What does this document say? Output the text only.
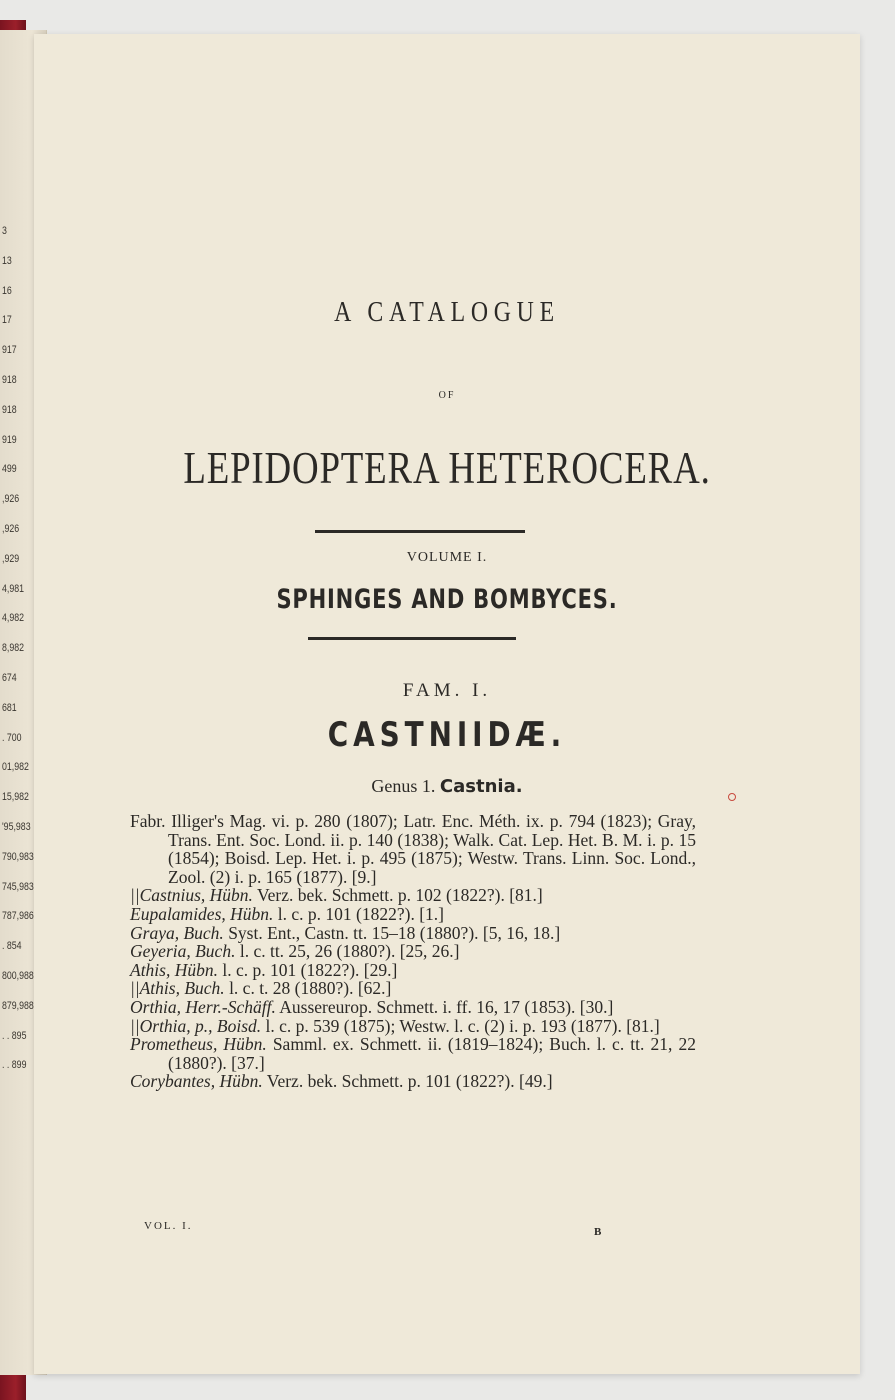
3
13
16
17
917
918
918
919
499
,926
,926
,929
4,981
4,982
8,982
674
681
. 700
01,982
15,982
'95,983
790,983
745,983
787,986
. 854
800,988
879,988
. . 895
. . 899
A CATALOGUE
OF
LEPIDOPTERA HETEROCERA.
VOLUME I.
SPHINGES AND BOMBYCES.
FAM. I.
CASTNIIDÆ.
Genus 1. Castnia.
Fabr. Illiger's Mag. vi. p. 280 (1807); Latr. Enc. Méth. ix. p. 794 (1823); Gray, Trans. Ent. Soc. Lond. ii. p. 140 (1838); Walk. Cat. Lep. Het. B. M. i. p. 15 (1854); Boisd. Lep. Het. i. p. 495 (1875); Westw. Trans. Linn. Soc. Lond., Zool. (2) i. p. 165 (1877). [9.]
||Castnius, Hübn. Verz. bek. Schmett. p. 102 (1822?). [81.]
Eupalamides, Hübn. l. c. p. 101 (1822?). [1.]
Graya, Buch. Syst. Ent., Castn. tt. 15–18 (1880?). [5, 16, 18.]
Geyeria, Buch. l. c. tt. 25, 26 (1880?). [25, 26.]
Athis, Hübn. l. c. p. 101 (1822?). [29.]
||Athis, Buch. l. c. t. 28 (1880?). [62.]
Orthia, Herr.-Schäff. Aussereurop. Schmett. i. ff. 16, 17 (1853). [30.]
||Orthia, p., Boisd. l. c. p. 539 (1875); Westw. l. c. (2) i. p. 193 (1877). [81.]
Prometheus, Hübn. Samml. ex. Schmett. ii. (1819–1824); Buch. l. c. tt. 21, 22 (1880?). [37.]
Corybantes, Hübn. Verz. bek. Schmett. p. 101 (1822?). [49.]
VOL. I.	B
